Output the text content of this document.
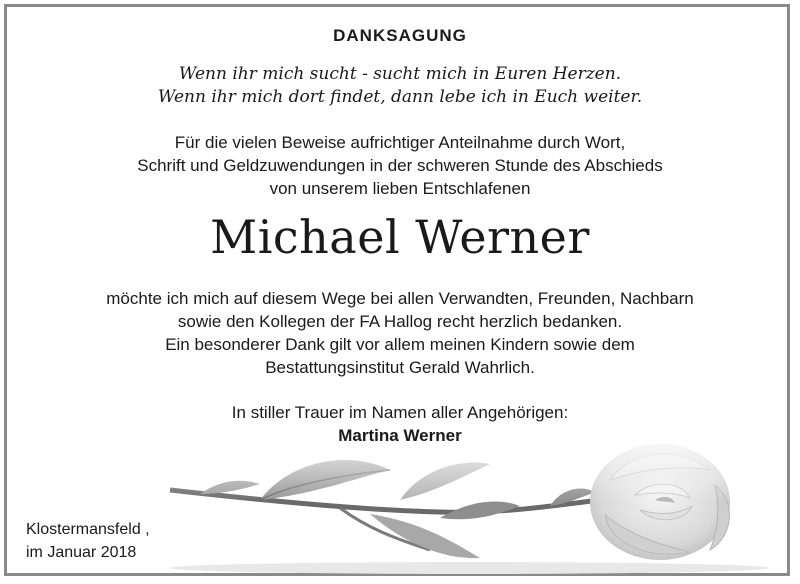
DANKSAGUNG
Wenn ihr mich sucht - sucht mich in Euren Herzen.
Wenn ihr mich dort findet, dann lebe ich in Euch weiter.
Für die vielen Beweise aufrichtiger Anteilnahme durch Wort,
Schrift und Geldzuwendungen in der schweren Stunde des Abschieds
von unserem lieben Entschlafenen
Michael Werner
möchte ich mich auf diesem Wege bei allen Verwandten, Freunden, Nachbarn
sowie den Kollegen der FA Hallog recht herzlich bedanken.
Ein besonderer Dank gilt vor allem meinen Kindern sowie dem
Bestattungsinstitut Gerald Wahrlich.
In stiller Trauer im Namen aller Angehörigen:
Martina Werner
Klostermansfeld ,
im Januar 2018
